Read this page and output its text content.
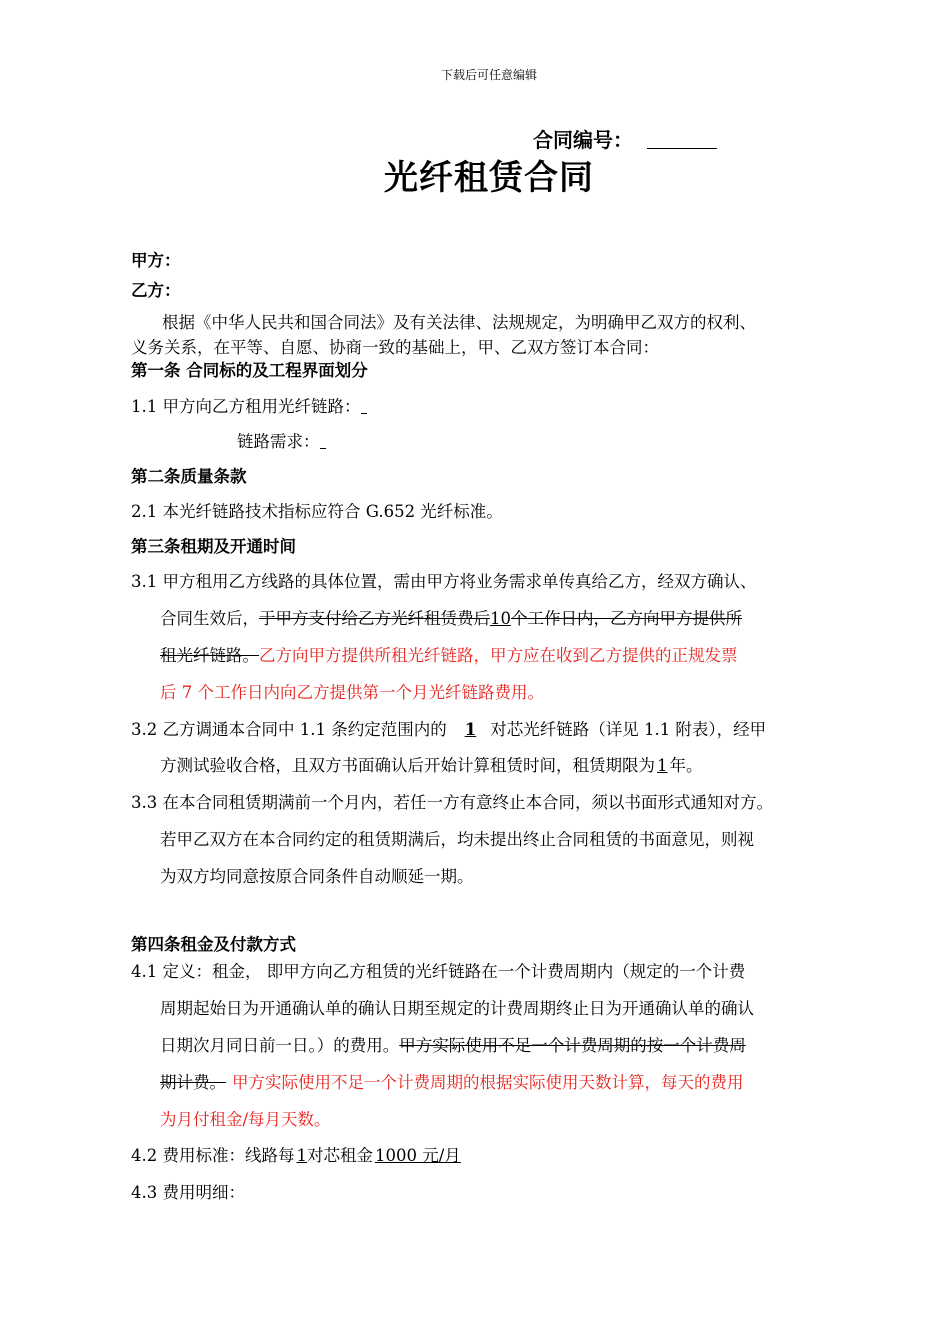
下载后可任意编辑
合同编号：
光纤租赁合同
甲方：
乙方：
根据《中华人民共和国合同法》及有关法律、法规规定，为明确甲乙双方的权利、
义务关系，在平等、自愿、协商一致的基础上，甲、乙双方签订本合同：
第一条 合同标的及工程界面划分
1.1 甲方向乙方租用光纤链路：
链路需求：
第二条质量条款
2.1 本光纤链路技术指标应符合 G.652 光纤标准。
第三条租期及开通时间
3.1 甲方租用乙方线路的具体位置，需由甲方将业务需求单传真给乙方，经双方确认、
合同生效后，于甲方支付给乙方光纤租赁费后10个工作日内，乙方向甲方提供所
租光纤链路。乙方向甲方提供所租光纤链路，甲方应在收到乙方提供的正规发票
后 7 个工作日内向乙方提供第一个月光纤链路费用。
3.2 乙方调通本合同中 1.1 条约定范围内的 1 对芯光纤链路（详见 1.1 附表），经甲
方测试验收合格，且双方书面确认后开始计算租赁时间，租赁期限为 1 年。
3.3 在本合同租赁期满前一个月内，若任一方有意终止本合同，须以书面形式通知对方。
若甲乙双方在本合同约定的租赁期满后，均未提出终止合同租赁的书面意见，则视
为双方均同意按原合同条件自动顺延一期。
第四条租金及付款方式
4.1 定义：租金， 即甲方向乙方租赁的光纤链路在一个计费周期内（规定的一个计费
周期起始日为开通确认单的确认日期至规定的计费周期终止日为开通确认单的确认
日期次月同日前一日。）的费用。甲方实际使用不足一个计费周期的按一个计费周
期计费。 甲方实际使用不足一个计费周期的根据实际使用天数计算，每天的费用
为月付租金/每月天数。
4.2 费用标准：线路每 1对芯租金 1000 元/月
4.3 费用明细：
